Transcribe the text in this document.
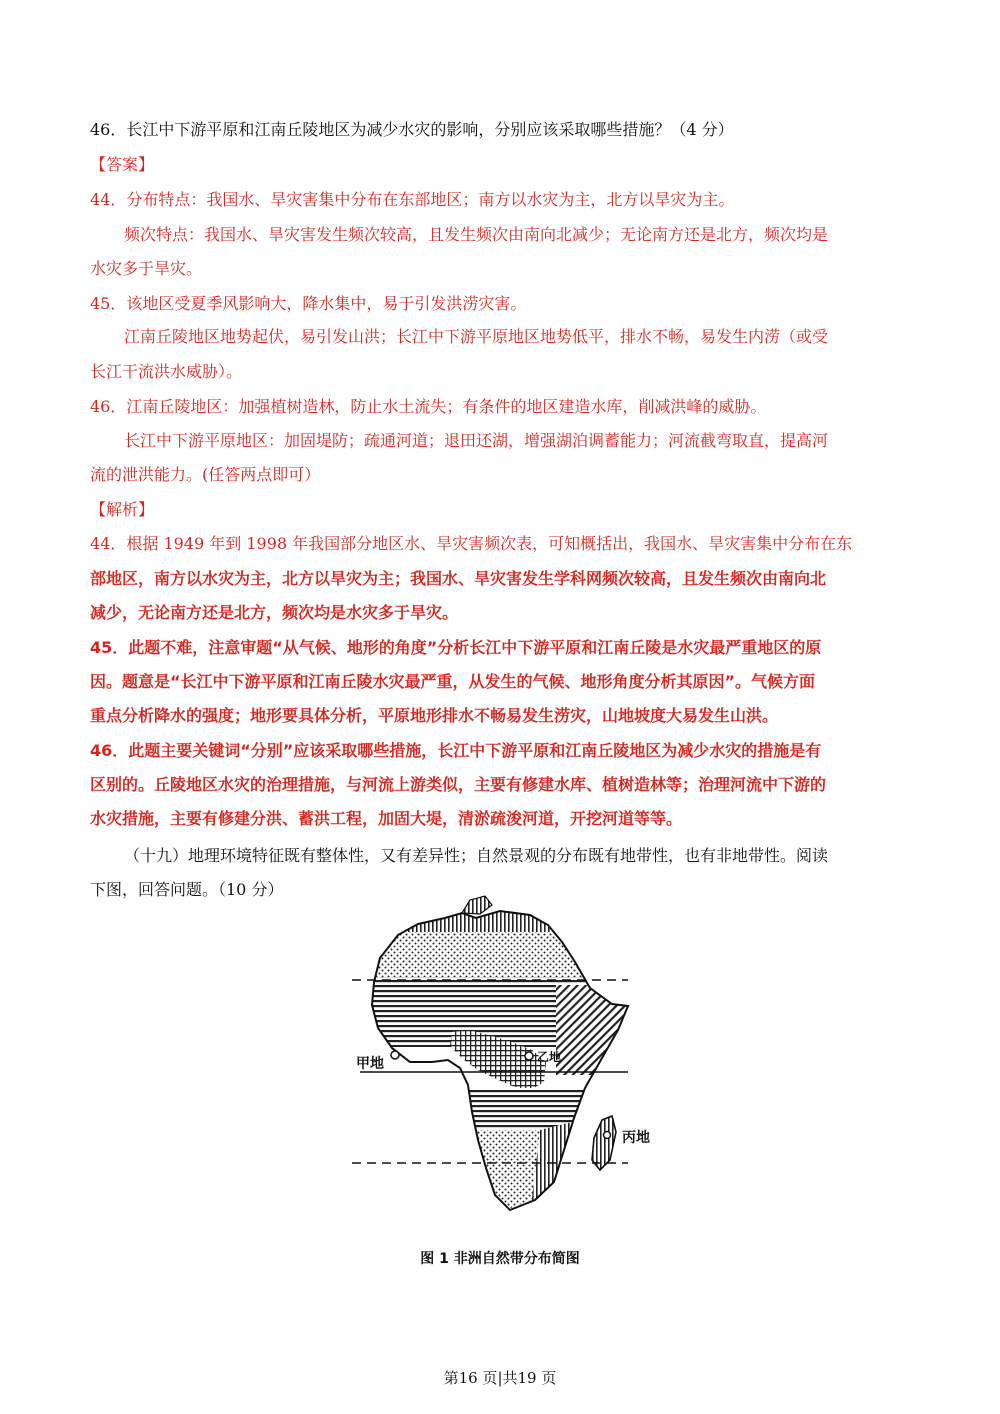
46．长江中下游平原和江南丘陵地区为减少水灾的影响，分别应该采取哪些措施？（4 分）
【答案】
44．分布特点：我国水、旱灾害集中分布在东部地区；南方以水灾为主，北方以旱灾为主。
频次特点：我国水、旱灾害发生频次较高，且发生频次由南向北减少；无论南方还是北方，频次均是
水灾多于旱灾。
45．该地区受夏季风影响大，降水集中，易于引发洪涝灾害。
江南丘陵地区地势起伏，易引发山洪；长江中下游平原地区地势低平，排水不畅，易发生内涝（或受
长江干流洪水威胁）。
46．江南丘陵地区：加强植树造林，防止水土流失；有条件的地区建造水库，削减洪峰的威胁。
长江中下游平原地区：加固堤防；疏通河道；退田还湖，增强湖泊调蓄能力；河流截弯取直，提高河
流的泄洪能力。(任答两点即可）
【解析】
44．根据 1949 年到 1998 年我国部分地区水、旱灾害频次表，可知概括出，我国水、旱灾害集中分布在东
部地区，南方以水灾为主，北方以旱灾为主；我国水、旱灾害发生学科网频次较高，且发生频次由南向北
减少，无论南方还是北方，频次均是水灾多于旱灾。
45．此题不难，注意审题“从气候、地形的角度”分析长江中下游平原和江南丘陵是水灾最严重地区的原
因。题意是“长江中下游平原和江南丘陵水灾最严重，从发生的气候、地形角度分析其原因”。气候方面
重点分析降水的强度；地形要具体分析，平原地形排水不畅易发生涝灾，山地坡度大易发生山洪。
46．此题主要关键词“分别”应该采取哪些措施，长江中下游平原和江南丘陵地区为减少水灾的措施是有
区别的。丘陵地区水灾的治理措施，与河流上游类似，主要有修建水库、植树造林等；治理河流中下游的
水灾措施，主要有修建分洪、蓄洪工程，加固大堤，清淤疏浚河道，开挖河道等等。
（十九）地理环境特征既有整体性，又有差异性；自然景观的分布既有地带性，也有非地带性。阅读
下图，回答问题。（10 分）
甲地	乙地
丙地
图 1 非洲自然带分布简图
第16 页|共19 页
